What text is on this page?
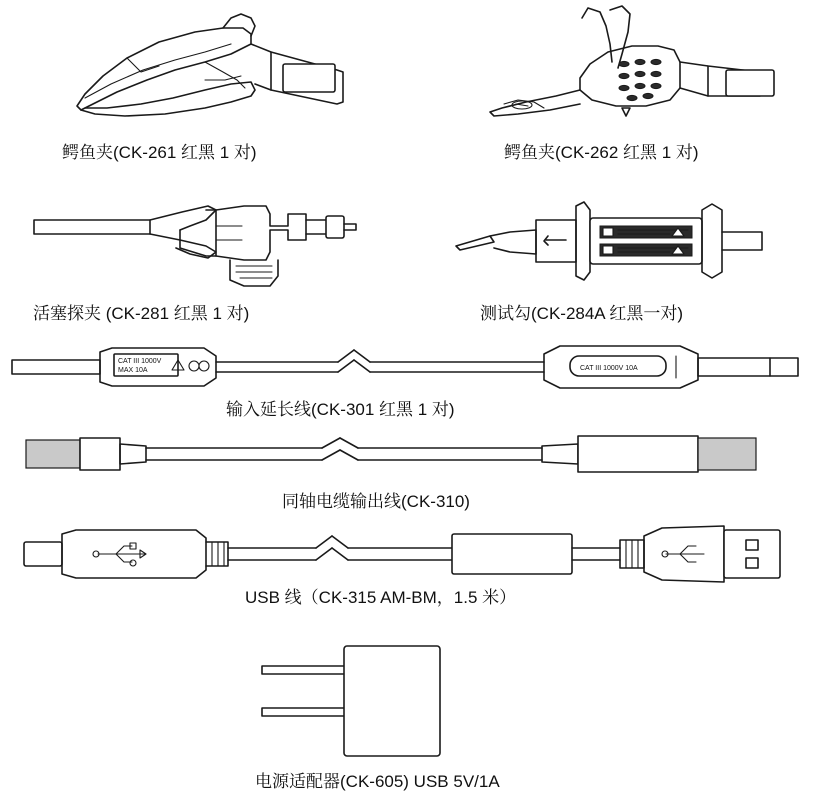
鳄鱼夹(CK-261 红黑 1 对)	鳄鱼夹(CK-262 红黑 1 对)
活塞探夹 (CK-281 红黑 1 对)	测试勾(CK-284A 红黑一对)
CAT III 1000V
MAX 10A	CAT III 1000V 10A
输入延长线(CK-301 红黑 1 对)
同轴电缆输出线(CK-310)
USB 线（CK-315 AM-BM，1.5 米）
电源适配器(CK-605) USB 5V/1A
